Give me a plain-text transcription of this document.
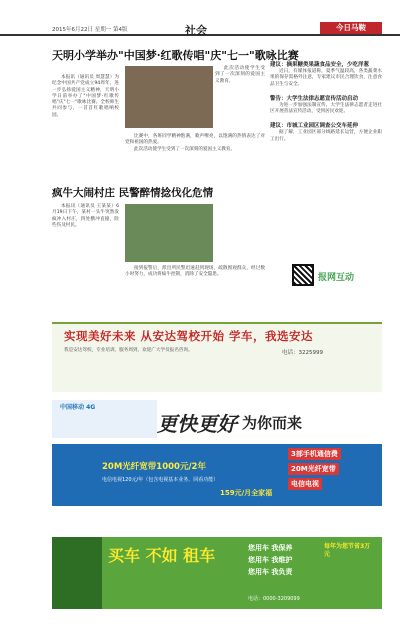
2015年6月22日 星期一 第4版	社会	今日马鞍
天明小学举办"中国梦·红歌传唱"庆"七一"歌咏比赛

本报讯（通讯员 周慧慧）为纪念中国共产党成立94周年，进一步弘扬爱国主义精神，天明小学日前举办了"中国梦·红歌传唱"庆"七一"歌咏比赛。全校师生共同参与，一首首红歌唱响校园。

比赛中，各班同学精神饱满，歌声嘹亮，以饱满的热情表达了对党和祖国的热爱。

此次活动使学生受到了一次深刻的爱国主义教育。

此次活动使学生受到了一次深刻的爱国主义教育。

疯牛大闹村庄 民警醉情捻伐化危情

本报讯（通讯员 王某某）6月19日下午，某村一头牛突然发疯冲入村庄，四处横冲直撞，险些伤及村民。

接到报警后，派出所民警迅速赶到现场，疏散围观群众，经过数小时努力，成功将疯牛控制，消除了安全隐患。

建议：摘果糖类果蔬食品安全，少吃洋葱

近日，有媒体报道称，夏季气温较高，各类蔬菜水果的保存需格外注意，专家建议市民合理饮食，注意食品卫生与安全。

警告：大学生法律志愿宣传活动启动

为进一步加强法制宣传，大学生法律志愿者走进社区开展普法宣传活动，受到居民欢迎。

建议：市城工业园区调查公交车延伸

据了解，工业园区部分线路延长运营，方便企业职工出行。

报网互动
实现美好未来 从安达驾校开始 学车，我选安达

我是安达驾校，专业培训，服务周到，欢迎广大学员报名咨询。	电话：3225999
中国移动 4G
更快更好 为你而来
20M光纤宽带1000元/2年
电信电视120元/年（包含电视基本业务、回看功能）
159元/月全家福
3部手机通信费
20M光纤宽带
电信电视
买车 不如 租车	您用车 我保养
您用车 我维护
您用车 我负责
每年为您节省3万元
电话：0000-3209099
